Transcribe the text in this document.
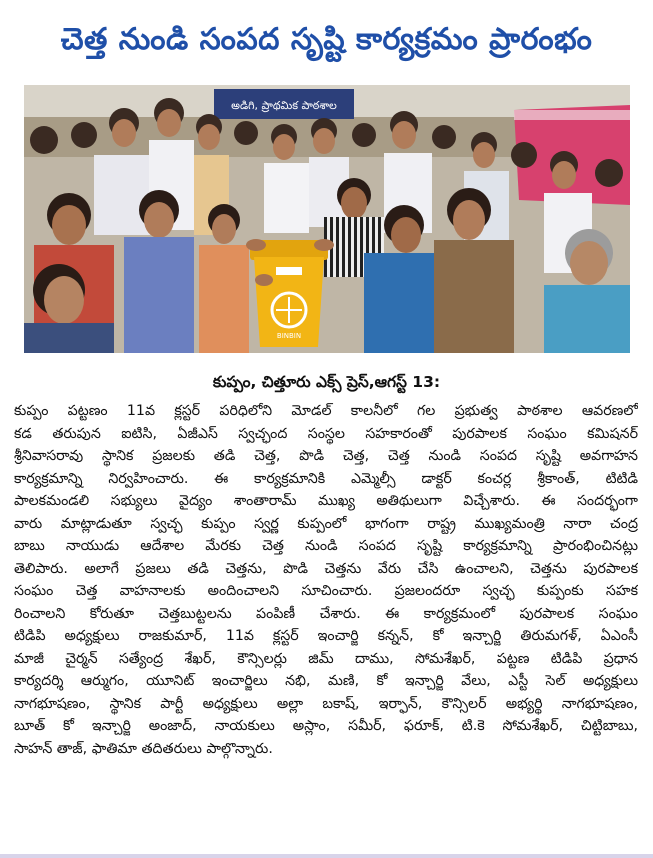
చెత్త నుండి సంపద సృష్టి కార్యక్రమం ప్రారంభం
అడిగి, ప్రాథమిక పాఠశాల
BINBIN
కుప్పం, చిత్తూరు ఎక్స్ ప్రెస్,ఆగస్ట్ 13:
కుప్పం పట్టణం 11వ క్లస్టర్ పరిధిలోని మోడల్ కాలనీలో గల ప్రభుత్వ పాఠశాల ఆవరణలో
కడ తరుపున ఐటిసి, ఏజీఎస్ స్వచ్ఛంద సంస్థల సహకారంతో పురపాలక సంఘం కమిషనర్
శ్రీనివాసరావు స్థానిక ప్రజలకు తడి చెత్త, పొడి చెత్త, చెత్త నుండి సంపద సృష్టి అవగాహన
కార్యక్రమాన్ని నిర్వహించారు. ఈ కార్యక్రమానికి ఎమ్మెల్సీ డాక్టర్ కంచర్ల శ్రీకాంత్, టిటిడి
పాలకమండలి సభ్యులు వైద్యం శాంతారామ్ ముఖ్య అతిథులుగా విచ్చేశారు. ఈ సందర్భంగా
వారు మాట్లాడుతూ స్వచ్ఛ కుప్పం స్వర్ణ కుప్పంలో భాగంగా రాష్ట్ర ముఖ్యమంత్రి నారా చంద్ర
బాబు నాయుడు ఆదేశాల మేరకు చెత్త నుండి సంపద సృష్టి కార్యక్రమాన్ని ప్రారంభించినట్లు
తెలిపారు. అలాగే ప్రజలు తడి చెత్తను, పొడి చెత్తను వేరు చేసి ఉంచాలని, చెత్తను పురపాలక
సంఘం చెత్త వాహనాలకు అందించాలని సూచించారు. ప్రజలందరూ స్వచ్ఛ కుప్పంకు సహక
రించాలని కోరుతూ చెత్తబుట్టలను పంపిణీ చేశారు. ఈ కార్యక్రమంలో పురపాలక సంఘం
టిడిపి అధ్యక్షులు రాజకుమార్, 11వ క్లస్టర్ ఇంచార్జి కన్నన్, కో ఇన్చార్జి తిరుమగళ్, ఏఎంసీ
మాజీ చైర్మన్ సత్యేంద్ర శేఖర్, కౌన్సిలర్లు జిమ్ దాము, సోమశేఖర్, పట్టణ టిడిపి ప్రధాన
కార్యదర్శి ఆర్ముగం, యూనిట్ ఇంచార్జిలు నభి, మణి, కో ఇన్చార్జి వేలు, ఎస్టీ సెల్ అధ్యక్షులు
నాగభూషణం, స్థానిక పార్టీ అధ్యక్షులు అల్లా బకాష్, ఇర్ఫాన్, కౌన్సిలర్ అభ్యర్థి నాగభూషణం,
బూత్ కో ఇన్చార్జి అంజాద్, నాయకులు అస్లాం, సమీర్, ఫరూక్, టి.కె సోమశేఖర్, చిట్టిబాబు,
సాహన్ తాజ్, ఫాతిమా తదితరులు పాల్గొన్నారు.
